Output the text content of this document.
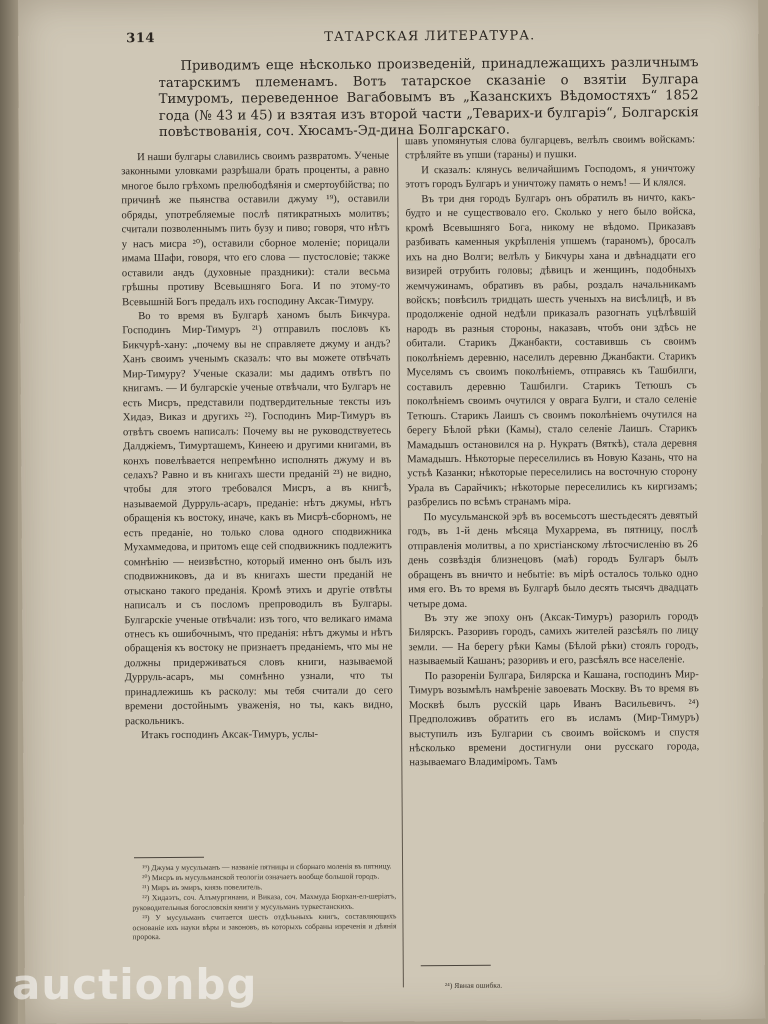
314	ТАТАРСКАЯ ЛИТЕРАТУРА.
Приводимъ еще нѣсколько произведеній, принадлежащихъ различнымъ татарскимъ племенамъ. Вотъ татарское сказаніе о взятіи Булгара Тимуромъ, переведенное Вагабовымъ въ „Казанскихъ Вѣдомостяхъ“ 1852 года (№ 43 и 45) и взятая изъ второй части „Теварих-и булгаріэ“, Болгарскія повѣствованія, соч. Хюсамъ-Эд-дина Болгарскаго.

И наши булгары славились своимъ развратомъ. Ученые законными уловками разрѣшали брать проценты, а равно многое было грѣхомъ прелюбодѣянія и смертоубійства; по причинѣ же пьянства оставили джуму ¹⁹), оставили обряды, употребляемые послѣ пятикратныхъ молитвъ; считали позволеннымъ пить бузу и пиво; говоря, что нѣтъ у насъ мисра ²⁰), оставили сборное моленіе; порицали имама Шафи, говоря, что его слова — пустословіе; также оставили андъ (духовные праздники): стали весьма грѣшны противу Всевышняго Бога. И по этому-то Всевышній Богъ предалъ ихъ господину Аксак-Тимуру.

Во то время въ Булгарѣ ханомъ былъ Бикчура. Господинъ Мир-Тимуръ ²¹) отправилъ пословъ къ Бикчурѣ-хану: „почему вы не справляете джуму и андъ? Ханъ своимъ ученымъ сказалъ: что вы можете отвѣчать Мир-Тимуру? Ученые сказали: мы дадимъ отвѣтъ по книгамъ. — И булгарскіе ученые отвѣчали, что Булгаръ не есть Мисръ, представили подтвердительные тексты изъ Хидаэ, Виказ и другихъ ²²). Господинъ Мир-Тимуръ въ отвѣтъ своемъ написалъ: Почему вы не руководствуетесь Далджіемъ, Тимурташемъ, Кинеею и другими книгами, въ конхъ повелѣвается непремѣнно исполнять джуму и въ селахъ? Равно и въ книгахъ шести преданій ²³) не видно, чтобы для этого требовался Мисръ, а въ книгѣ, называемой Дурруль-асаръ, преданіе: нѣтъ джумы, нѣтъ обращенія къ востоку, иначе, какъ въ Мисрѣ-сборномъ, не есть преданіе, но только слова одного сподвижника Мухаммедова, и притомъ еще сей сподвижникъ подлежитъ сомнѣнію — неизвѣстно, который именно онъ былъ изъ сподвижниковъ, да и въ книгахъ шести преданій не отыскано такого преданія. Кромѣ этихъ и другіе отвѣты написалъ и съ посломъ препроводилъ въ Булгары. Булгарскіе ученые отвѣчали: изъ того, что великаго имама отнесъ къ ошибочнымъ, что преданія: нѣтъ джумы и нѣтъ обращенія къ востоку не признаетъ преданіемъ, что мы не должны придерживаться словъ книги, называемой Дурруль-асаръ, мы сомнѣнно узнали, что ты принадлежишь къ расколу: мы тебя считали до сего времени достойнымъ уваженія, но ты, какъ видно, раскольникъ.

Итакъ господинъ Аксак-Тимуръ, услы-

шавъ упомянутыя слова булгарцевъ, велѣлъ своимъ войскамъ: стрѣляйте въ упши (тараны) и пушки.

И сказалъ: клянусь величайшимъ Господомъ, я уничтожу этотъ городъ Булгаръ и уничтожу память о немъ! — И клялся.

Въ три дня городъ Булгаръ онъ обратилъ въ ничто, какъ-будто и не существовало его. Сколько у него было войска, кромѣ Всевышняго Бога, никому не вѣдомо. Приказавъ разбивать каменныя укрѣпленія упшемъ (тараномъ), бросалъ ихъ на дно Волги; велѣлъ у Бикчуры хана и двѣнадцати его визирей отрубить головы; дѣвицъ и женщинъ, подобныхъ жемчужинамъ, обративъ въ рабы, роздалъ начальникамъ войскъ; повѣсилъ тридцать шесть ученыхъ на висѣлицѣ, и въ продолженіе одной недѣли приказалъ разогнать уцѣлѣвшій народъ въ разныя стороны, наказавъ, чтобъ они здѣсь не обитали. Старикъ Джанбакти, составившь съ своимъ поколѣніемъ деревню, населилъ деревню Джанбакти. Старикъ Муселямъ съ своимъ поколѣніемъ, отправясь къ Ташбилги, составилъ деревню Ташбилги. Старикъ Тетюшъ съ поколѣніемъ своимъ очутился у оврага Булги, и стало селеніе Тетюшъ. Старикъ Лаишъ съ своимъ поколѣніемъ очутился на берегу Бѣлой рѣки (Камы), стало селеніе Лаишъ. Старикъ Мамадышъ остановился на р. Нукратъ (Вяткѣ), стала деревня Мамадышъ. Нѣкоторые переселились въ Новую Казань, что на устьѣ Казанки; нѣкоторые переселились на восточную сторону Урала въ Сарайчикъ; нѣкоторые переселились къ киргизамъ; разбрелись по всѣмъ странамъ міра.

По мусульманской эрѣ въ восемьсотъ шестьдесятъ девятый годъ, въ 1-й день мѣсяца Мухаррема, въ пятницу, послѣ отправленія молитвы, а по христіанскому лѣтосчисленію въ 26 день созвѣздія близнецовъ (маѣ) городъ Булгаръ былъ обращенъ въ вничто и небытіе: въ мірѣ осталось только одно имя его. Въ то время въ Булгарѣ было десять тысячъ двадцать четыре дома.

Въ эту же эпоху онъ (Аксак-Тимуръ) разорилъ городъ Билярскъ. Разоривъ городъ, самихъ жителей разсѣялъ по лицу земли. — На берегу рѣки Камы (Бѣлой рѣки) стоялъ городъ, называемый Кашанъ; разоривъ и его, разсѣялъ все населеніе.

По разореніи Булгара, Билярска и Кашана, господинъ Мир-Тимуръ возымѣлъ намѣреніе завоевать Москву. Въ то время въ Москвѣ былъ русскій царь Иванъ Васильевичъ. ²⁴) Предположивъ обратить его въ исламъ (Мир-Тимуръ) выступилъ изъ Булгарии съ своимъ войскомъ и спустя нѣсколько времени достигнули они русскаго города, называемаго Владиміромъ. Тамъ

¹⁹) Джума у мусульманъ — названіе пятницы и сборнаго моленія въ пятницу.
²⁰) Мисръ въ мусульманской теологіи означаетъ вообще большой городъ.
²¹) Миръ въ эмиръ, князь повелитель.
²²) Хидаэтъ, соч. Алъмургинани, и Виказа, соч. Махмуда Бюрхан-ел-шеріатъ, руководительныя богословскія книги у мусульманъ туркестанскихъ.
²³) У мусульманъ считается шесть отдѣльныхъ книгъ, составляющихъ основаніе ихъ науки вѣры и законовъ, въ которыхъ собраны изреченія и дѣянія пророка.
²⁴) Явная ошибка.
auctionbg
